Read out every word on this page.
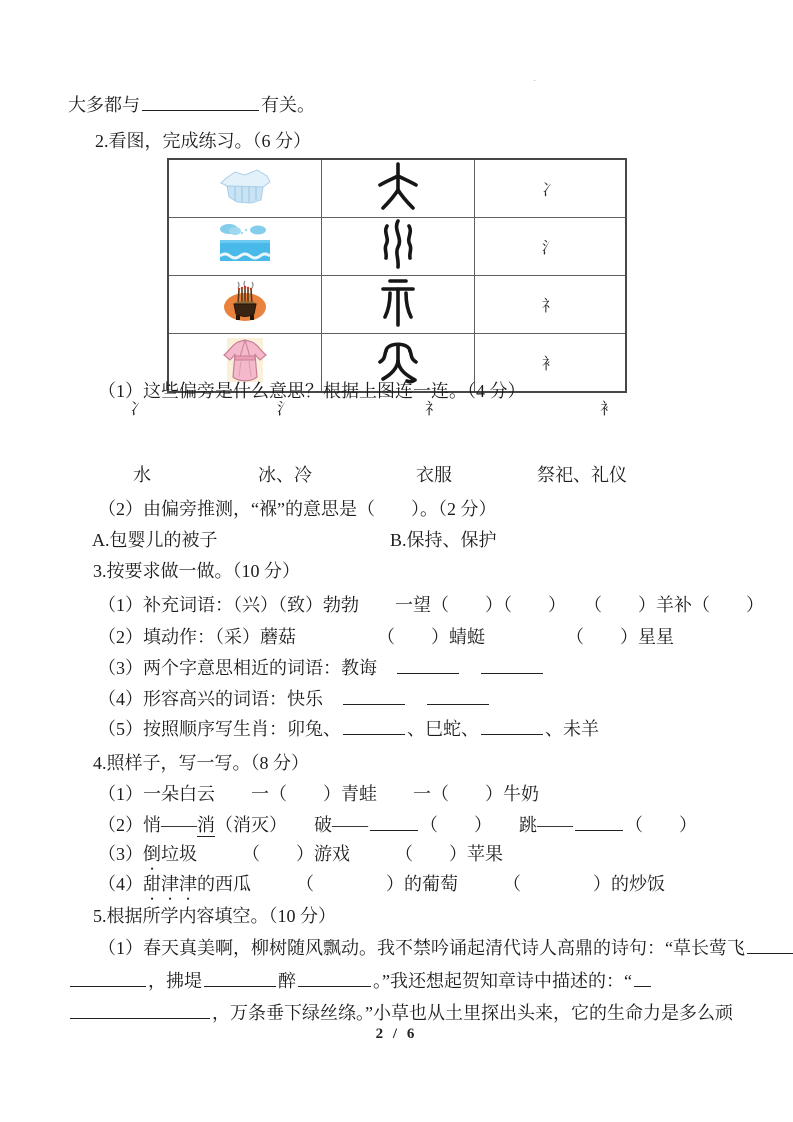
·
大多都与	有关。
2.看图，完成练习。（6 分）
		冫
		氵
		礻
		衤
（1）这些偏旁是什么意思？根据上图连一连。（4 分）
冫	氵	礻	衤
水	冰、冷	衣服	祭祀、礼仪
（2）由偏旁推测，“褓”的意思是（　　）。（2 分）
A.包婴儿的被子	B.保持、保护
3.按要求做一做。（10 分）
（1）补充词语：（兴）（致）勃勃　　一望（　　）（　　）　　（　　）羊补（　　）
（2）填动作：（采）蘑菇　　　　　（　　）蜻蜓　　　　　（　　）星星
（3）两个字意思相近的词语：教诲　　
（4）形容高兴的词语：快乐　　
（5）按照顺序写生肖：卯兔、	、巳蛇、	、未羊
4.照样子，写一写。（8 分）
（1）一朵白云　　一（　　）青蛙　　一（　　）牛奶
（2）悄——消（消灭）　　破——	（　　）　　跳——	（　　）
（3）倒垃圾　　　（　　）游戏　　　（　　）苹果
（4）甜津津的西瓜　　　（　　　　）的葡萄　　　（　　　　）的炒饭
5.根据所学内容填空。（10 分）
（1）春天真美啊，柳树随风飘动。我不禁吟诵起清代诗人高鼎的诗句：“草长莺飞
，拂堤	醉	。”我还想起贺知章诗中描述的：“
，万条垂下绿丝绦。”小草也从土里探出头来，它的生命力是多么顽
2 / 6
